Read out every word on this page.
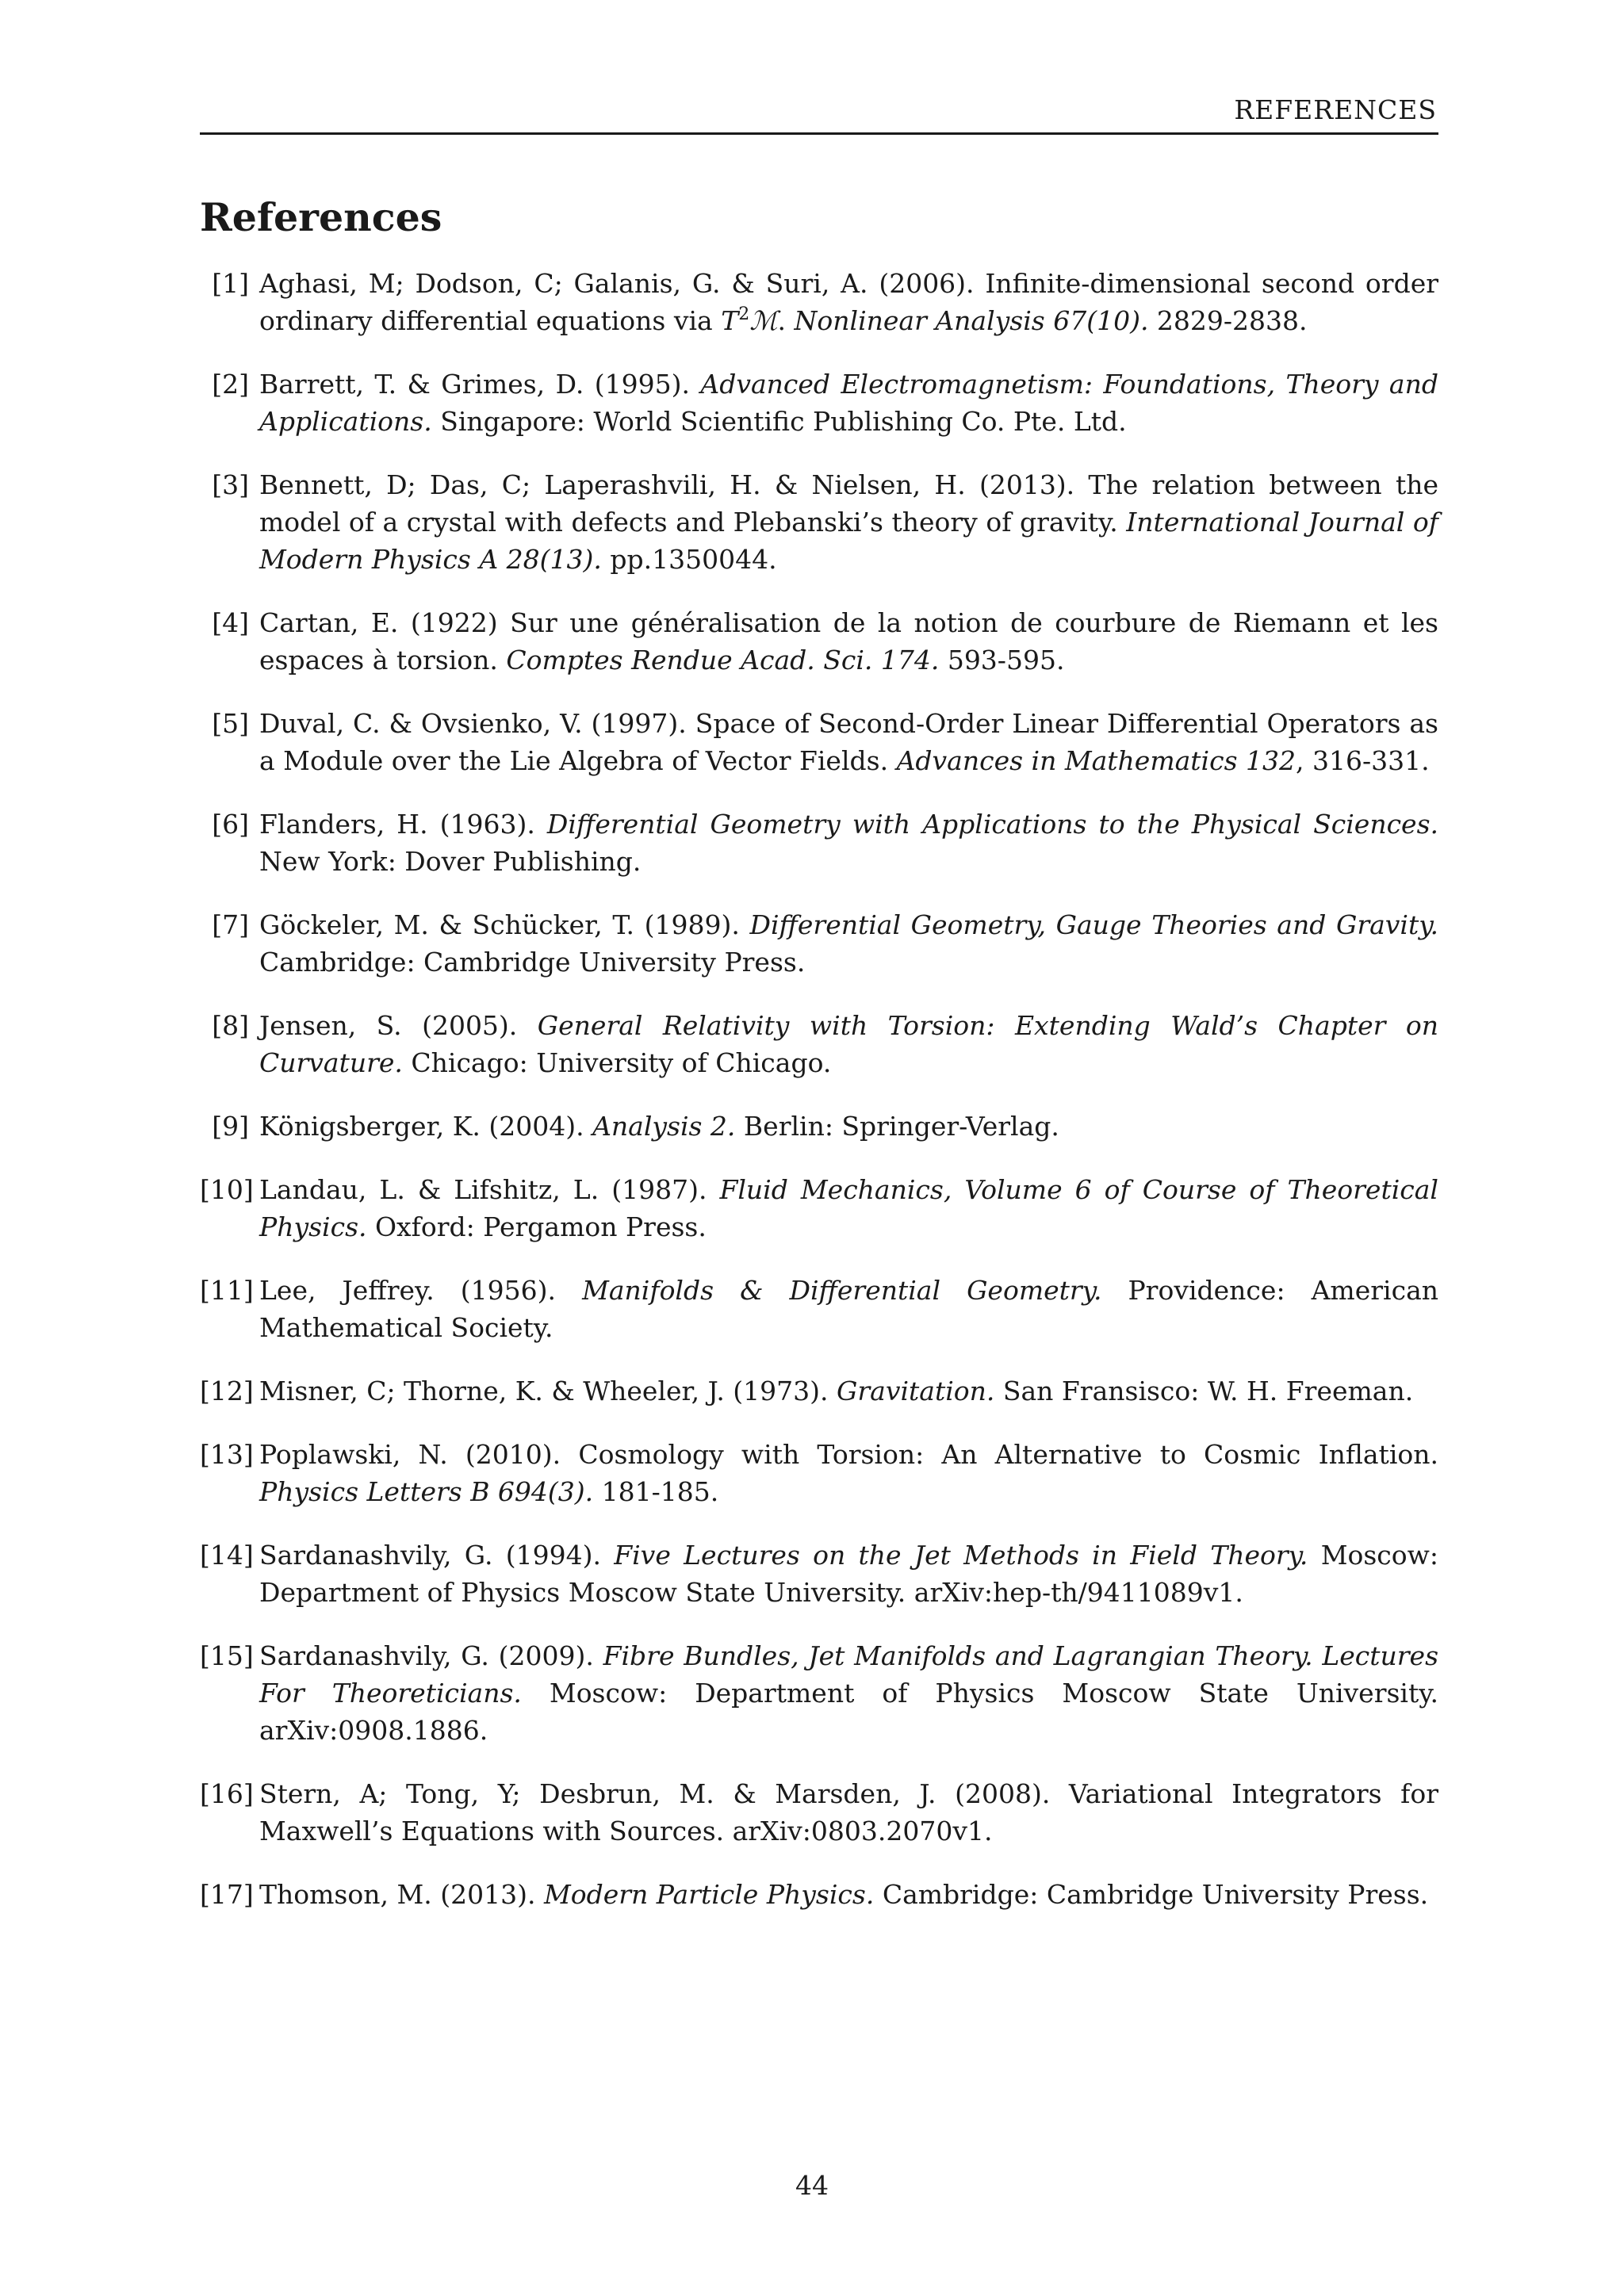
REFERENCES
References
[1] Aghasi, M; Dodson, C; Galanis, G. & Suri, A. (2006). Infinite-dimensional second order ordinary differential equations via $T^2ℳ$. Nonlinear Analysis 67(10). 2829-2838.
[2] Barrett, T. & Grimes, D. (1995). Advanced Electromagnetism: Foundations, Theory and Applications. Singapore: World Scientific Publishing Co. Pte. Ltd.
[3] Bennett, D; Das, C; Laperashvili, H. & Nielsen, H. (2013). The relation between the model of a crystal with defects and Plebanski’s theory of gravity. International Journal of Modern Physics A 28(13). pp.1350044.
[4] Cartan, E. (1922) Sur une généralisation de la notion de courbure de Riemann et les espaces à torsion. Comptes Rendue Acad. Sci. 174. 593-595.
[5] Duval, C. & Ovsienko, V. (1997). Space of Second-Order Linear Differential Operators as a Module over the Lie Algebra of Vector Fields. Advances in Mathematics 132, 316-331.
[6] Flanders, H. (1963). Differential Geometry with Applications to the Physical Sciences. New York: Dover Publishing.
[7] Göckeler, M. & Schücker, T. (1989). Differential Geometry, Gauge Theories and Gravity. Cambridge: Cambridge University Press.
[8] Jensen, S. (2005). General Relativity with Torsion: Extending Wald’s Chapter on Curvature. Chicago: University of Chicago.
[9] Königsberger, K. (2004). Analysis 2. Berlin: Springer-Verlag.
[10] Landau, L. & Lifshitz, L. (1987). Fluid Mechanics, Volume 6 of Course of Theoretical Physics. Oxford: Pergamon Press.
[11] Lee, Jeffrey. (1956). Manifolds & Differential Geometry. Providence: American Mathematical Society.
[12] Misner, C; Thorne, K. & Wheeler, J. (1973). Gravitation. San Fransisco: W. H. Freeman.
[13] Poplawski, N. (2010). Cosmology with Torsion: An Alternative to Cosmic Inflation. Physics Letters B 694(3). 181-185.
[14] Sardanashvily, G. (1994). Five Lectures on the Jet Methods in Field Theory. Moscow: Department of Physics Moscow State University. arXiv:hep-th/9411089v1.
[15] Sardanashvily, G. (2009). Fibre Bundles, Jet Manifolds and Lagrangian Theory. Lectures For Theoreticians. Moscow: Department of Physics Moscow State University. arXiv:0908.1886.
[16] Stern, A; Tong, Y; Desbrun, M. & Marsden, J. (2008). Variational Integrators for Maxwell’s Equations with Sources. arXiv:0803.2070v1.
[17] Thomson, M. (2013). Modern Particle Physics. Cambridge: Cambridge University Press.
44
